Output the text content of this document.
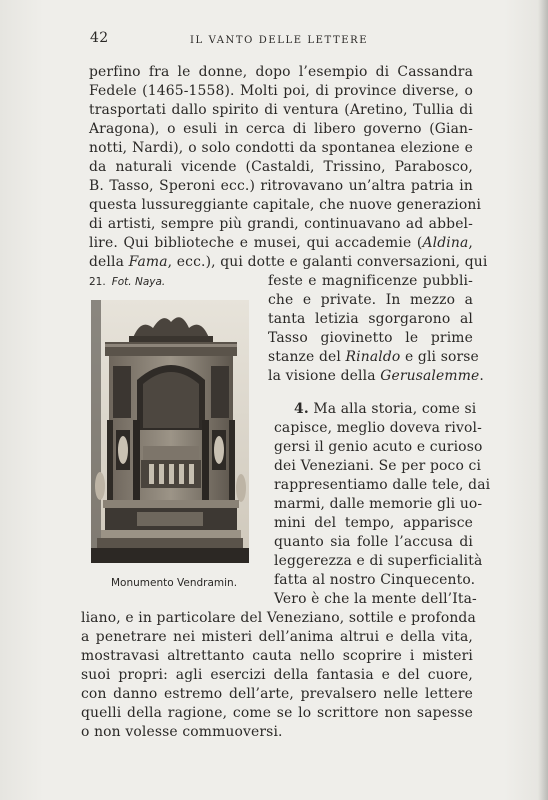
42	IL VANTO DELLE LETTERE
perfino fra le donne, dopo l’esempio di Cassandra
Fedele (1465-1558). Molti poi, di province diverse, o
trasportati dallo spirito di ventura (Aretino, Tullia di
Aragona), o esuli in cerca di libero governo (Gian-
notti, Nardi), o solo condotti da spontanea elezione e
da naturali vicende (Castaldi, Trissino, Parabosco,
B. Tasso, Speroni ecc.) ritrovavano un’altra patria in
questa lussureggiante capitale, che nuove generazioni
di artisti, sempre più grandi, continuavano ad abbel-
lire. Qui biblioteche e musei, qui accademie (Aldina,
della Fama, ecc.), qui dotte e galanti conversazioni, qui
21. Fot. Naya.	feste e magnificenze pubbli-
che e private. In mezzo a
tanta letizia sgorgarono al
Tasso giovinetto le prime
stanze del Rinaldo e gli sorse
la visione della Gerusalemme.
4. Ma alla storia, come si
capisce, meglio doveva rivol-
gersi il genio acuto e curioso
dei Veneziani. Se per poco ci
rappresentiamo dalle tele, dai
marmi, dalle memorie gli uo-
mini del tempo, apparisce
quanto sia folle l’accusa di
leggerezza e di superficialità
fatta al nostro Cinquecento.
Vero è che la mente dell’Ita-
liano, e in particolare del Veneziano, sottile e profonda
a penetrare nei misteri dell’anima altrui e della vita,
mostravasi altrettanto cauta nello scoprire i misteri
suoi propri: agli esercizi della fantasia e del cuore,
con danno estremo dell’arte, prevalsero nelle lettere
quelli della ragione, come se lo scrittore non sapesse
o non volesse commuoversi.
Monumento Vendramin.
